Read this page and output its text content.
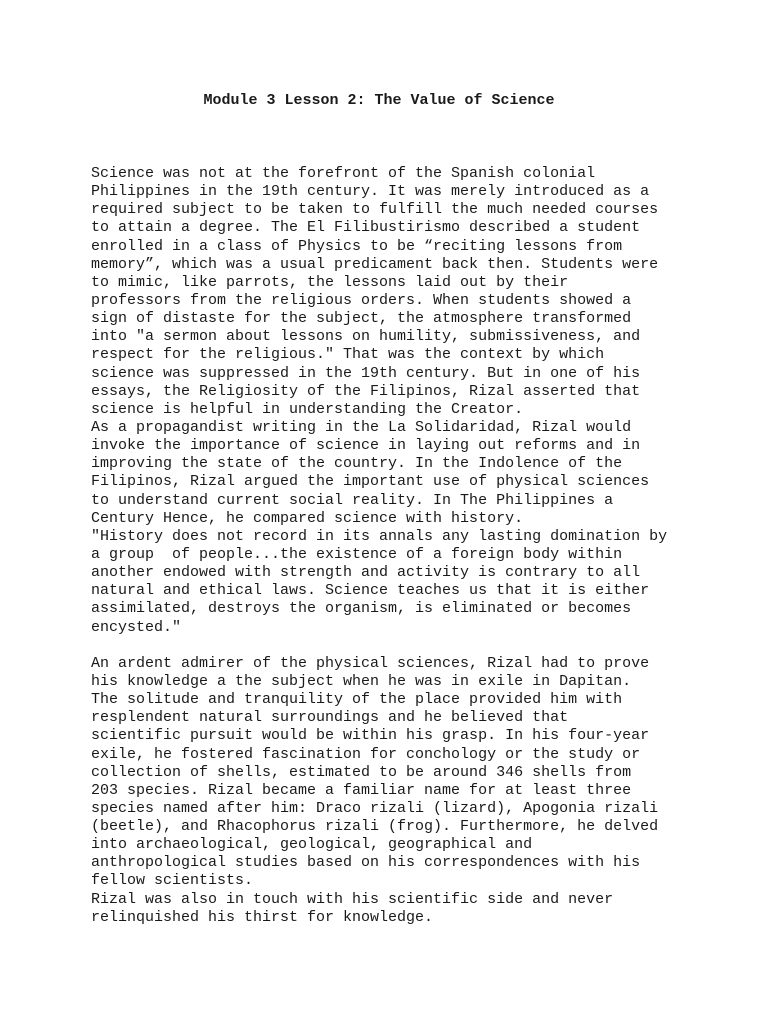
Module 3 Lesson 2: The Value of Science
Science was not at the forefront of the Spanish colonial
Philippines in the 19th century. It was merely introduced as a
required subject to be taken to fulfill the much needed courses
to attain a degree. The El Filibustirismo described a student
enrolled in a class of Physics to be “reciting lessons from
memory”, which was a usual predicament back then. Students were
to mimic, like parrots, the lessons laid out by their
professors from the religious orders. When students showed a
sign of distaste for the subject, the atmosphere transformed
into "a sermon about lessons on humility, submissiveness, and
respect for the religious." That was the context by which
science was suppressed in the 19th century. But in one of his
essays, the Religiosity of the Filipinos, Rizal asserted that
science is helpful in understanding the Creator.
As a propagandist writing in the La Solidaridad, Rizal would
invoke the importance of science in laying out reforms and in
improving the state of the country. In the Indolence of the
Filipinos, Rizal argued the important use of physical sciences
to understand current social reality. In The Philippines a
Century Hence, he compared science with history.
"History does not record in its annals any lasting domination by
a group  of people...the existence of a foreign body within
another endowed with strength and activity is contrary to all
natural and ethical laws. Science teaches us that it is either
assimilated, destroys the organism, is eliminated or becomes
encysted."
An ardent admirer of the physical sciences, Rizal had to prove
his knowledge a the subject when he was in exile in Dapitan.
The solitude and tranquility of the place provided him with
resplendent natural surroundings and he believed that
scientific pursuit would be within his grasp. In his four-year
exile, he fostered fascination for conchology or the study or
collection of shells, estimated to be around 346 shells from
203 species. Rizal became a familiar name for at least three
species named after him: Draco rizali (lizard), Apogonia rizali
(beetle), and Rhacophorus rizali (frog). Furthermore, he delved
into archaeological, geological, geographical and
anthropological studies based on his correspondences with his
fellow scientists.
Rizal was also in touch with his scientific side and never
relinquished his thirst for knowledge.
